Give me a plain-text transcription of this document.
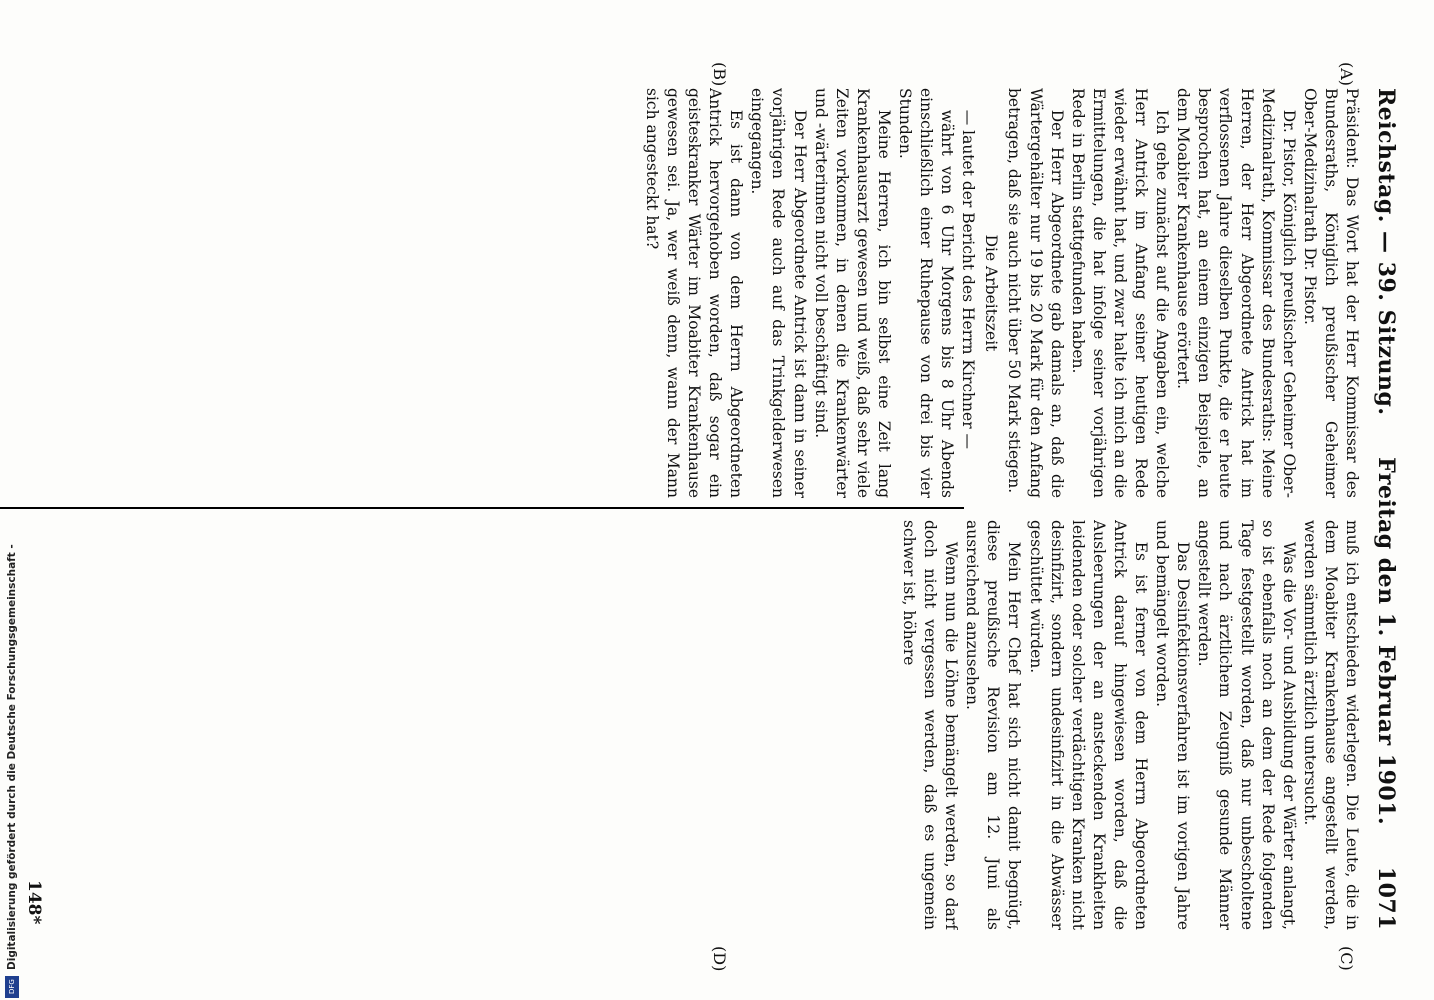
Reichstag. — 39. Sitzung.
Freitag den 1. Februar 1901.
1071
(A)
(B)
(C)
(D)

Präsident: Das Wort hat der Herr Kommissar des Bundesraths, Königlich preußischer Geheimer Ober-Medizinalrath Dr. Pistor.

Dr. Pistor, Königlich preußischer Geheimer Ober-Medizinalrath, Kommissar des Bundesraths: Meine Herren, der Herr Abgeordnete Antrick hat im verflossenen Jahre dieselben Punkte, die er heute besprochen hat, an einem einzigen Beispiele, an dem Moabiter Krankenhause erörtert.

Ich gehe zunächst auf die Angaben ein, welche Herr Antrick im Anfang seiner heutigen Rede wieder erwähnt hat, und zwar halte ich mich an die Ermittelungen, die hat infolge seiner vorjährigen Rede in Berlin stattgefunden haben.

Der Herr Abgeordnete gab damals an, daß die Wärtergehälter nur 19 bis 20 Mark für den Anfang betragen, daß sie auch nicht über 50 Mark stiegen.

Die Arbeitszeit

— lautet der Bericht des Herrn Kirchner —

währt von 6 Uhr Morgens bis 8 Uhr Abends einschließlich einer Ruhepause von drei bis vier Stunden.

Meine Herren, ich bin selbst eine Zeit lang Krankenhausarzt gewesen und weiß, daß sehr viele Zeiten vorkommen, in denen die Krankenwärter und -wärterinnen nicht voll beschäftigt sind.

Der Herr Abgeordnete Antrick ist dann in seiner vorjährigen Rede auch auf das Trinkgelderwesen eingegangen.

Es ist dann von dem Herrn Abgeordneten Antrick hervorgehoben worden, daß sogar ein geisteskranker Wärter im Moabiter Krankenhause gewesen sei. Ja, wer weiß denn, wann der Mann sich angesteckt hat?

muß ich entschieden widerlegen. Die Leute, die in dem Moabiter Krankenhause angestellt werden, werden sämmtlich ärztlich untersucht.

Was die Vor- und Ausbildung der Wärter anlangt, so ist ebenfalls noch an dem der Rede folgenden Tage festgestellt worden, daß nur unbescholtene und nach ärztlichem Zeugniß gesunde Männer angestellt werden.

Das Desinfektionsverfahren ist im vorigen Jahre und bemängelt worden.

Es ist ferner von dem Herrn Abgeordneten Antrick darauf hingewiesen worden, daß die Ausleerungen der an ansteckenden Krankheiten leidenden oder solcher verdächtigen Kranken nicht desinfizirt, sondern undesinfizirt in die Abwässer geschüttet würden.

Mein Herr Chef hat sich nicht damit begnügt, diese preußische Revision am 12. Juni als ausreichend anzusehen.

Wenn nun die Löhne bemängelt werden, so darf doch nicht vergessen werden, daß es ungemein schwer ist, höhere

148*
Digitalisierung gefördert durch die Deutsche Forschungsgemeinschaft -
DFG
